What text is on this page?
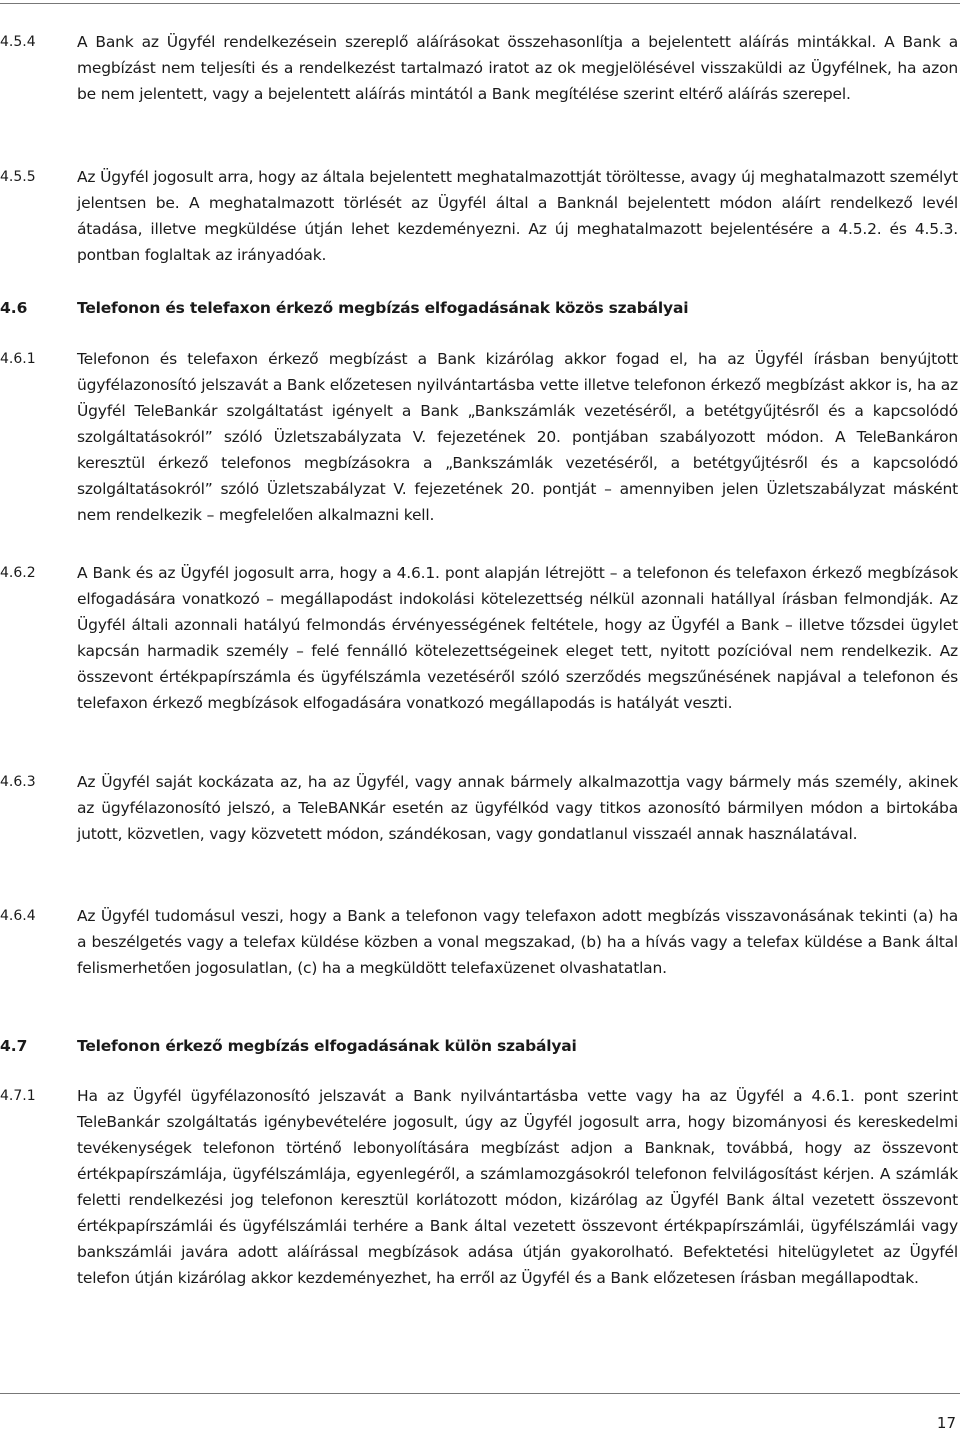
4.5.4	A Bank az Ügyfél rendelkezésein szereplő aláírásokat összehasonlítja a bejelentett aláírás mintákkal. A Bank a megbízást nem teljesíti és a rendelkezést tartalmazó iratot az ok megjelölésével visszaküldi az Ügyfélnek, ha azon be nem jelentett, vagy a bejelentett aláírás mintától a Bank megítélése szerint eltérő aláírás szerepel.
4.5.5	Az Ügyfél jogosult arra, hogy az általa bejelentett meghatalmazottját töröltesse, avagy új meghatalmazott személyt jelentsen be. A meghatalmazott törlését az Ügyfél által a Banknál bejelentett módon aláírt rendelkező levél átadása, illetve megküldése útján lehet kezdeményezni. Az új meghatalmazott bejelentésére a 4.5.2. és 4.5.3. pontban foglaltak az irányadóak.
4.6	Telefonon és telefaxon érkező megbízás elfogadásának közös szabályai
4.6.1	Telefonon és telefaxon érkező megbízást a Bank kizárólag akkor fogad el, ha az Ügyfél írásban benyújtott ügyfélazonosító jelszavát a Bank előzetesen nyilvántartásba vette illetve telefonon érkező megbízást akkor is, ha az Ügyfél TeleBankár szolgáltatást igényelt a Bank „Bankszámlák vezetéséről, a betétgyűjtésről és a kapcsolódó szolgáltatásokról” szóló Üzletszabályzata V. fejezetének 20. pontjában szabályozott módon. A TeleBankáron keresztül érkező telefonos megbízásokra a „Bankszámlák vezetéséről, a betétgyűjtésről és a kapcsolódó szolgáltatásokról” szóló Üzletszabályzat V. fejezetének 20. pontját – amennyiben jelen Üzletszabályzat másként nem rendelkezik – megfelelően alkalmazni kell.
4.6.2	A Bank és az Ügyfél jogosult arra, hogy a 4.6.1. pont alapján létrejött – a telefonon és telefaxon érkező megbízások elfogadására vonatkozó – megállapodást indokolási kötelezettség nélkül azonnali hatállyal írásban felmondják. Az Ügyfél általi azonnali hatályú felmondás érvényességének feltétele, hogy az Ügyfél a Bank – illetve tőzsdei ügylet kapcsán harmadik személy – felé fennálló kötelezettségeinek eleget tett, nyitott pozícióval nem rendelkezik. Az összevont értékpapírszámla és ügyfélszámla vezetéséről szóló szerződés megszűnésének napjával a telefonon és telefaxon érkező megbízások elfogadására vonatkozó megállapodás is hatályát veszti.
4.6.3	Az Ügyfél saját kockázata az, ha az Ügyfél, vagy annak bármely alkalmazottja vagy bármely más személy, akinek az ügyfélazonosító jelszó, a TeleBANKár esetén az ügyfélkód vagy titkos azonosító bármilyen módon a birtokába jutott, közvetlen, vagy közvetett módon, szándékosan, vagy gondatlanul visszaél annak használatával.
4.6.4	Az Ügyfél tudomásul veszi, hogy a Bank a telefonon vagy telefaxon adott megbízás visszavonásának tekinti (a) ha a beszélgetés vagy a telefax küldése közben a vonal megszakad, (b) ha a hívás vagy a telefax küldése a Bank által felismerhetően jogosulatlan, (c) ha a megküldött telefaxüzenet olvashatatlan.
4.7	Telefonon érkező megbízás elfogadásának külön szabályai
4.7.1	Ha az Ügyfél ügyfélazonosító jelszavát a Bank nyilvántartásba vette vagy ha az Ügyfél a 4.6.1. pont szerint TeleBankár szolgáltatás igénybevételére jogosult, úgy az Ügyfél jogosult arra, hogy bizományosi és kereskedelmi tevékenységek telefonon történő lebonyolítására megbízást adjon a Banknak, továbbá, hogy az összevont értékpapírszámlája, ügyfélszámlája, egyenlegéről, a számlamozgásokról telefonon felvilágosítást kérjen. A számlák feletti rendelkezési jog telefonon keresztül korlátozott módon, kizárólag az Ügyfél Bank által vezetett összevont értékpapírszámlái és ügyfélszámlái terhére a Bank által vezetett összevont értékpapírszámlái, ügyfélszámlái vagy bankszámlái javára adott aláírással megbízások adása útján gyakorolható. Befektetési hitelügyletet az Ügyfél telefon útján kizárólag akkor kezdeményezhet, ha erről az Ügyfél és a Bank előzetesen írásban megállapodtak.
17
